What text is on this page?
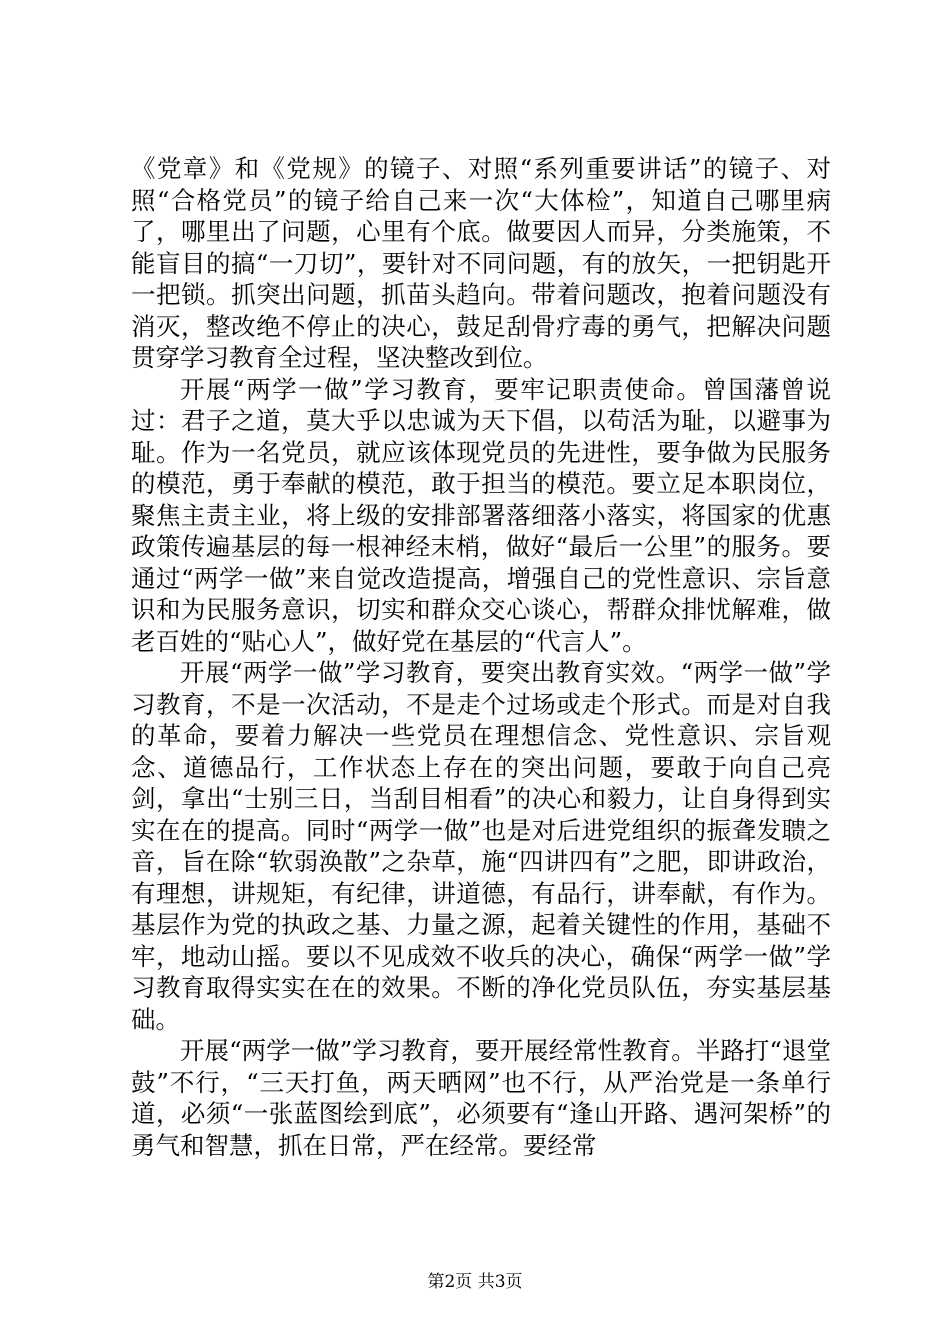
《党章》和《党规》的镜子、对照“系列重要讲话”的镜子、对照“合格党员”的镜子给自己来一次“大体检”，知道自己哪里病了，哪里出了问题，心里有个底。做要因人而异，分类施策，不能盲目的搞“一刀切”，要针对不同问题，有的放矢，一把钥匙开一把锁。抓突出问题，抓苗头趋向。带着问题改，抱着问题没有消灭，整改绝不停止的决心，鼓足刮骨疗毒的勇气，把解决问题贯穿学习教育全过程，坚决整改到位。

开展“两学一做”学习教育，要牢记职责使命。曾国藩曾说过：君子之道，莫大乎以忠诚为天下倡，以苟活为耻，以避事为耻。作为一名党员，就应该体现党员的先进性，要争做为民服务的模范，勇于奉献的模范，敢于担当的模范。要立足本职岗位，聚焦主责主业，将上级的安排部署落细落小落实，将国家的优惠政策传遍基层的每一根神经末梢，做好“最后一公里”的服务。要通过“两学一做”来自觉改造提高，增强自己的党性意识、宗旨意识和为民服务意识，切实和群众交心谈心，帮群众排忧解难，做老百姓的“贴心人”，做好党在基层的“代言人”。

开展“两学一做”学习教育，要突出教育实效。“两学一做”学习教育，不是一次活动，不是走个过场或走个形式。而是对自我的革命，要着力解决一些党员在理想信念、党性意识、宗旨观念、道德品行，工作状态上存在的突出问题，要敢于向自己亮剑，拿出“士别三日，当刮目相看”的决心和毅力，让自身得到实实在在的提高。同时“两学一做”也是对后进党组织的振聋发聩之音，旨在除“软弱涣散”之杂草，施“四讲四有”之肥，即讲政治，有理想，讲规矩，有纪律，讲道德，有品行，讲奉献，有作为。基层作为党的执政之基、力量之源，起着关键性的作用，基础不牢，地动山摇。要以不见成效不收兵的决心，确保“两学一做”学习教育取得实实在在的效果。不断的净化党员队伍，夯实基层基础。

开展“两学一做”学习教育，要开展经常性教育。半路打“退堂鼓”不行，“三天打鱼，两天晒网”也不行，从严治党是一条单行道，必须“一张蓝图绘到底”，必须要有“逢山开路、遇河架桥”的勇气和智慧，抓在日常，严在经常。要经常

第2页 共3页
